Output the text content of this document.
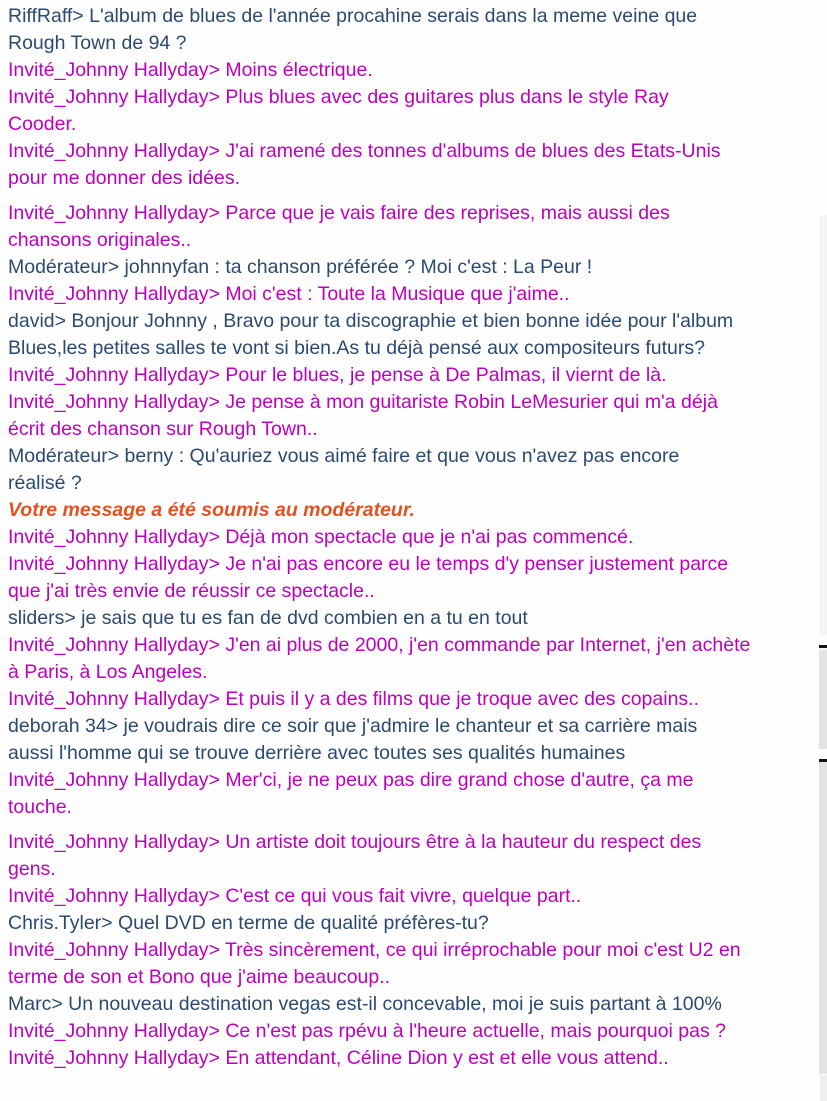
RiffRaff> L'album de blues de l'année procahine serais dans la meme veine que
Rough Town de 94 ?
Invité_Johnny Hallyday> Moins électrique.
Invité_Johnny Hallyday> Plus blues avec des guitares plus dans le style Ray
Cooder.
Invité_Johnny Hallyday> J'ai ramené des tonnes d'albums de blues des Etats-Unis
pour me donner des idées.
Invité_Johnny Hallyday> Parce que je vais faire des reprises, mais aussi des
chansons originales..
Modérateur> johnnyfan : ta chanson préférée ? Moi c'est : La Peur !
Invité_Johnny Hallyday> Moi c'est : Toute la Musique que j'aime..
david> Bonjour Johnny , Bravo pour ta discographie et bien bonne idée pour l'album
Blues,les petites salles te vont si bien.As tu déjà pensé aux compositeurs futurs?
Invité_Johnny Hallyday> Pour le blues, je pense à De Palmas, il viernt de là.
Invité_Johnny Hallyday> Je pense à mon guitariste Robin LeMesurier qui m'a déjà
écrit des chanson sur Rough Town..
Modérateur> berny : Qu'auriez vous aimé faire et que vous n'avez pas encore
réalisé ?
Votre message a été soumis au modérateur.
Invité_Johnny Hallyday> Déjà mon spectacle que je n'ai pas commencé.
Invité_Johnny Hallyday> Je n'ai pas encore eu le temps d'y penser justement parce
que j'ai très envie de réussir ce spectacle..
sliders> je sais que tu es fan de dvd combien en a tu en tout
Invité_Johnny Hallyday> J'en ai plus de 2000, j'en commande par Internet, j'en achète
à Paris, à Los Angeles.
Invité_Johnny Hallyday> Et puis il y a des films que je troque avec des copains..
deborah 34> je voudrais dire ce soir que j'admire le chanteur et sa carrière mais
aussi l'homme qui se trouve derrière avec toutes ses qualités humaines
Invité_Johnny Hallyday> Mer'ci, je ne peux pas dire grand chose d'autre, ça me
touche.
Invité_Johnny Hallyday> Un artiste doit toujours être à la hauteur du respect des
gens.
Invité_Johnny Hallyday> C'est ce qui vous fait vivre, quelque part..
Chris.Tyler> Quel DVD en terme de qualité préfères-tu?
Invité_Johnny Hallyday> Très sincèrement, ce qui irréprochable pour moi c'est U2 en
terme de son et Bono que j'aime beaucoup..
Marc> Un nouveau destination vegas est-il concevable, moi je suis partant à 100%
Invité_Johnny Hallyday> Ce n'est pas rpévu à l'heure actuelle, mais pourquoi pas ?
Invité_Johnny Hallyday> En attendant, Céline Dion y est et elle vous attend..
